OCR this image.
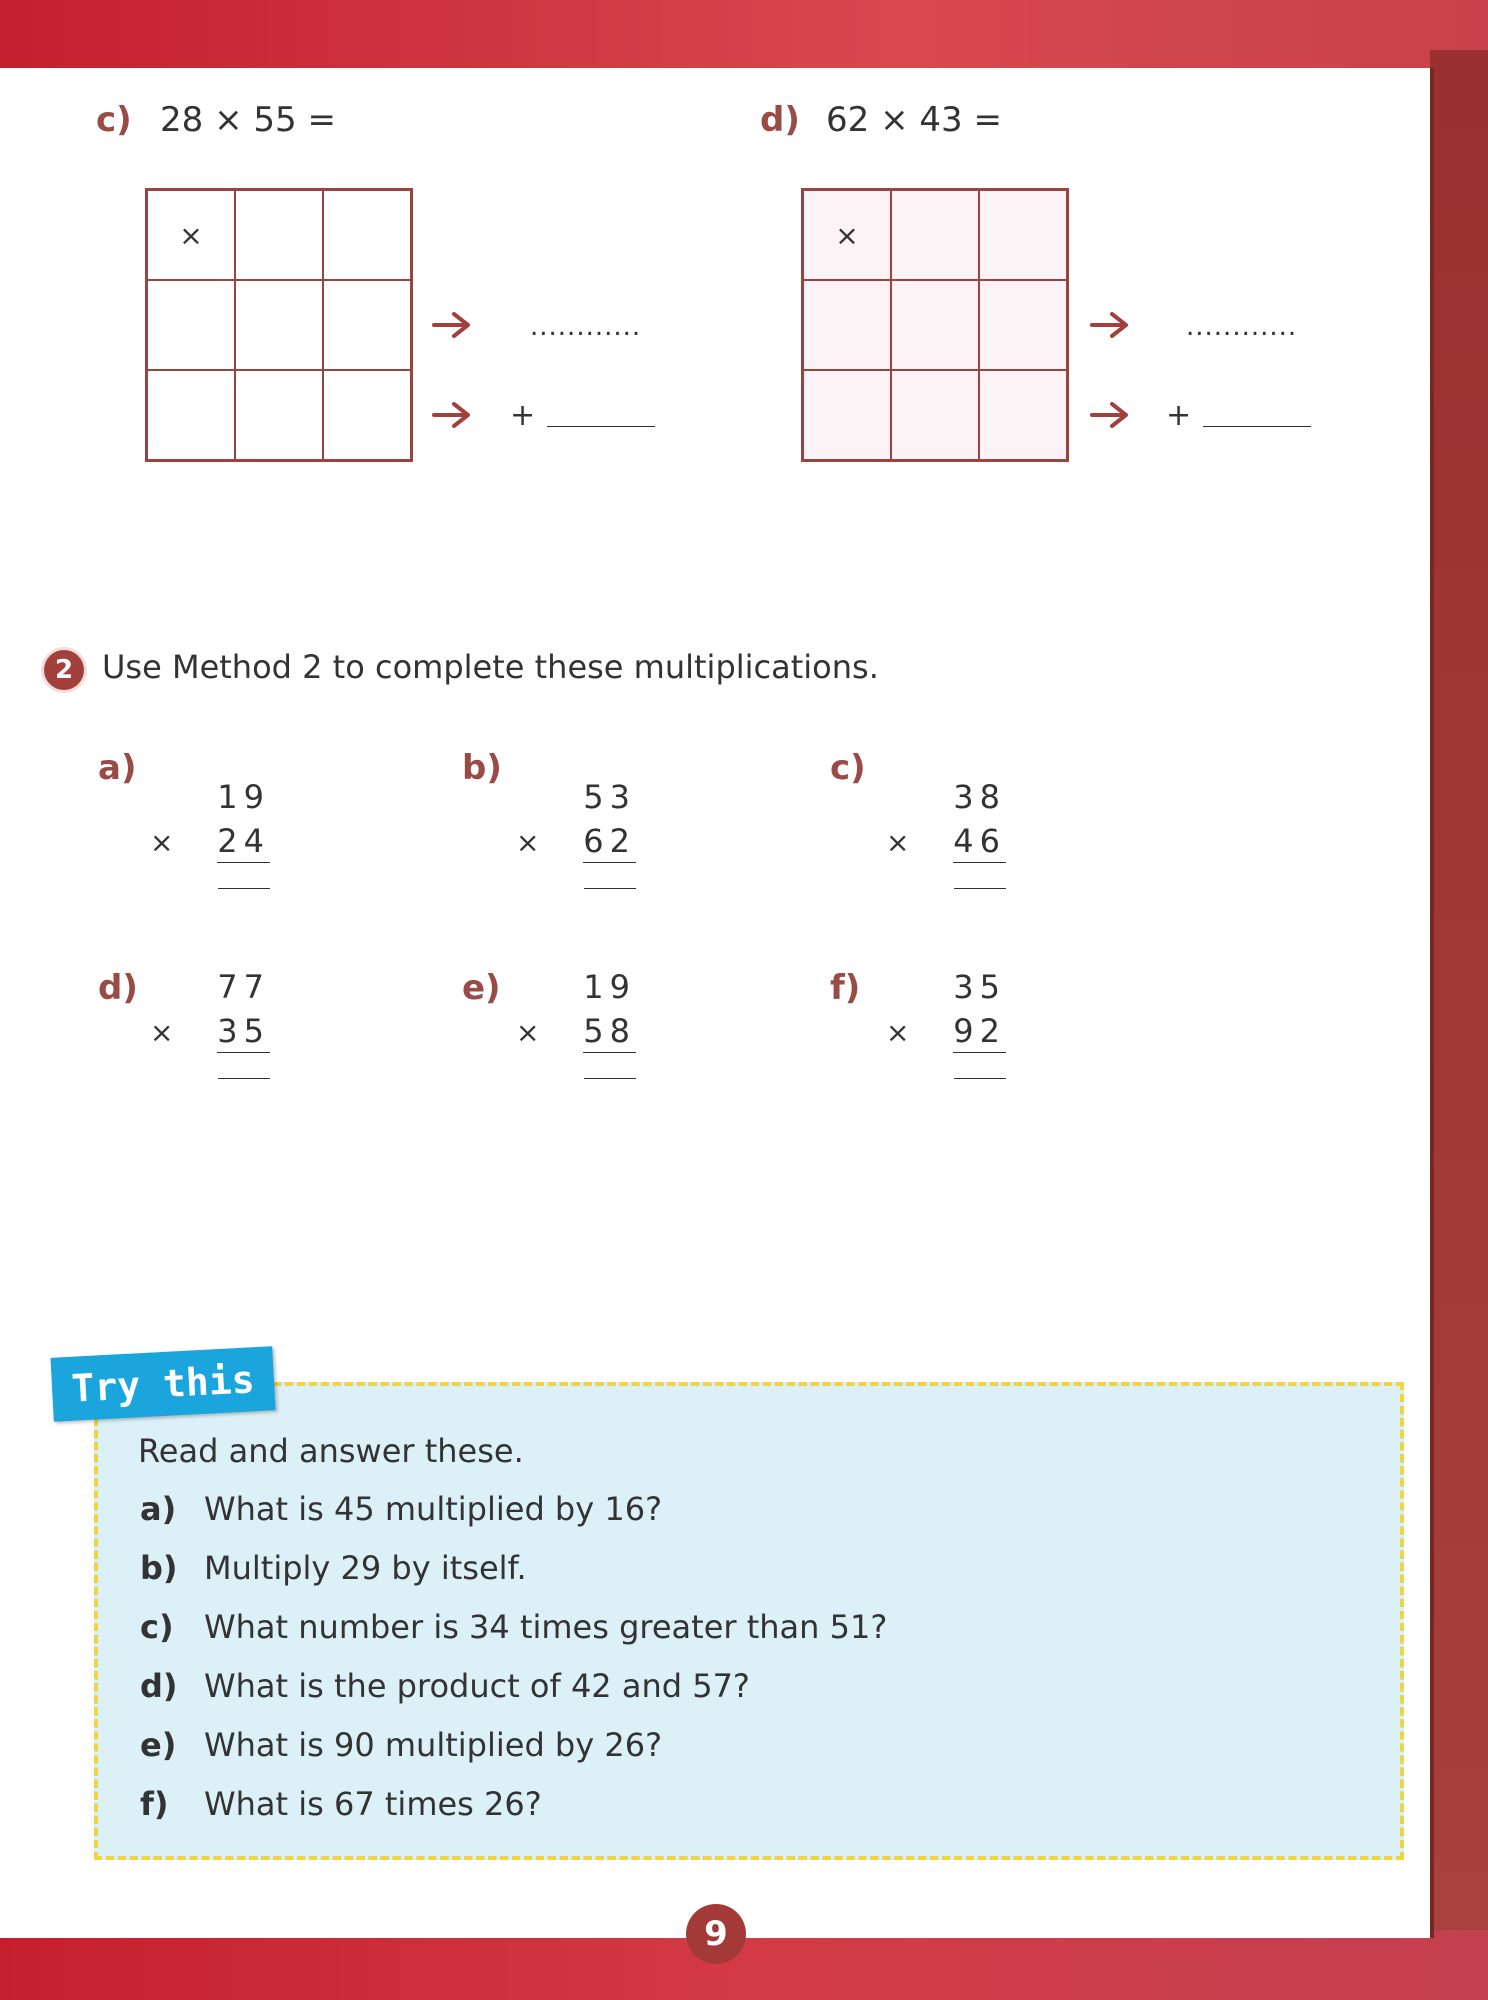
c) 28 × 55 =
×
............
+
d) 62 × 43 =
×
............
+
2 Use Method 2 to complete these multiplications.
a)
19
× 24
b)
53
× 62
c)
38
× 46
d) 77
× 35
e)	19
× 58
f)	35
× 92
Try this
Read and answer these.
a) What is 45 multiplied by 16?
b) Multiply 29 by itself.
c) What number is 34 times greater than 51?
d) What is the product of 42 and 57?
e) What is 90 multiplied by 26?
f) What is 67 times 26?
9
